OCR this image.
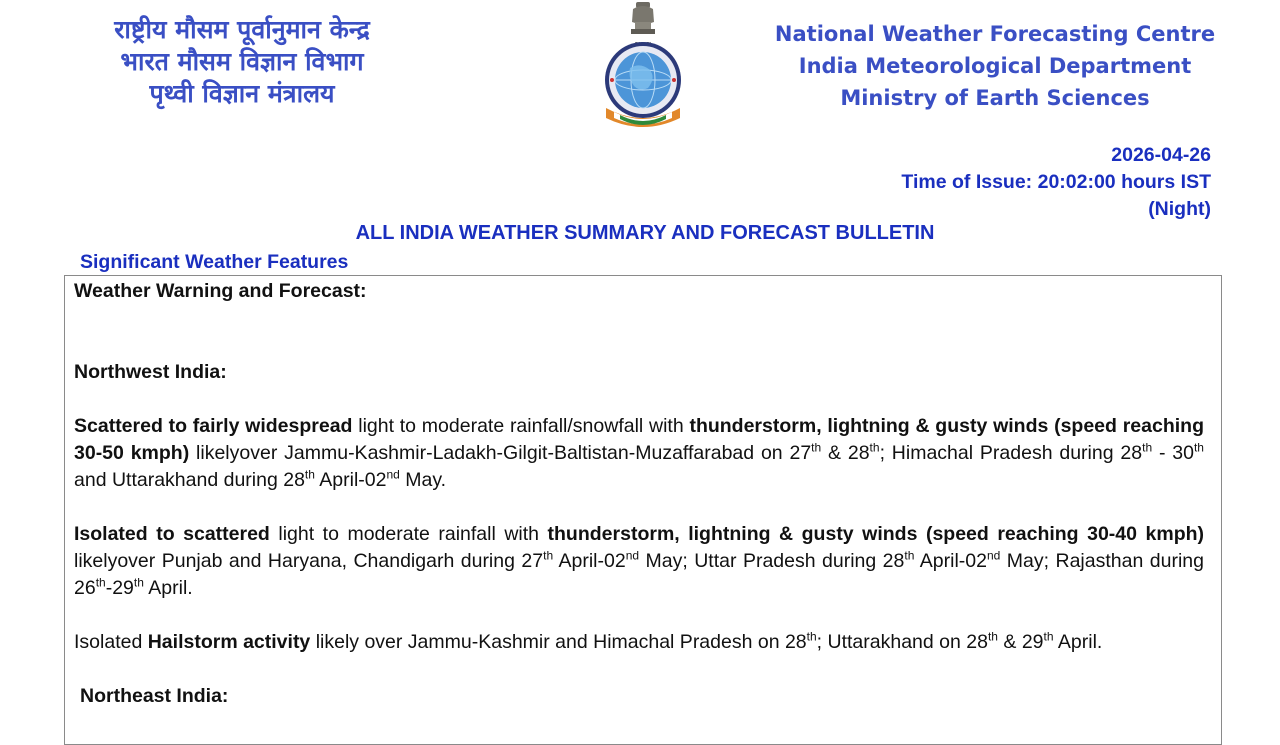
राष्ट्रीय मौसम पूर्वानुमान केन्द्र
भारत मौसम विज्ञान विभाग
पृथ्वी विज्ञान मंत्रालय
National Weather Forecasting Centre
India Meteorological Department
Ministry of Earth Sciences
2026-04-26
Time of Issue: 20:02:00 hours IST
(Night)
ALL INDIA WEATHER SUMMARY AND FORECAST BULLETIN
Significant Weather Features

Weather Warning and Forecast:

Northwest India:

Scattered to fairly widespread light to moderate rainfall/snowfall with thunderstorm, lightning & gusty winds (speed reaching 30-50 kmph) likelyover Jammu-Kashmir-Ladakh-Gilgit-Baltistan-Muzaffarabad on 27th & 28th; Himachal Pradesh during 28th - 30th and Uttarakhand during 28th April-02nd May.

Isolated to scattered light to moderate rainfall with thunderstorm, lightning & gusty winds (speed reaching 30-40 kmph) likelyover Punjab and Haryana, Chandigarh during 27th April-02nd May; Uttar Pradesh during 28th April-02nd May; Rajasthan during 26th-29th April.

Isolated Hailstorm activity likely over Jammu-Kashmir and Himachal Pradesh on 28th; Uttarakhand on 28th & 29th April.

Northeast India:
